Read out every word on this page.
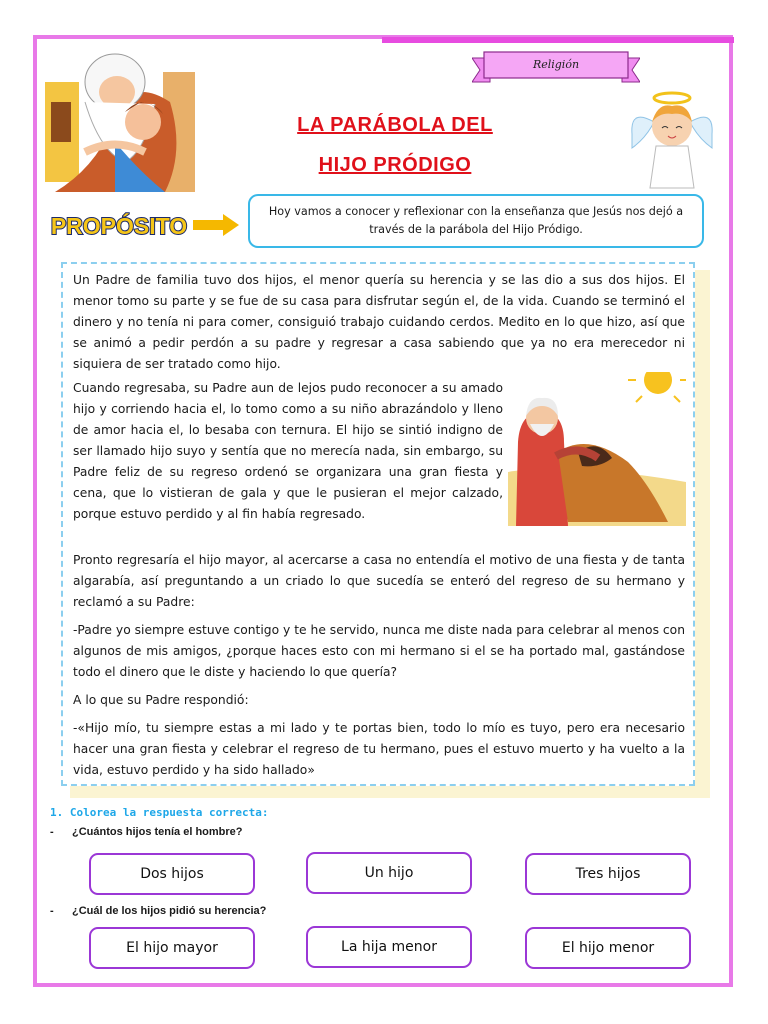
Religión
LA PARÁBOLA DEL
HIJO PRÓDIGO
PROPÓSITO
Hoy vamos a conocer y reflexionar con la enseñanza que Jesús nos dejó a través de la parábola del Hijo Pródigo.

Un Padre de familia tuvo dos hijos, el menor quería su herencia y se las dio a sus dos hijos. El menor tomo su parte y se fue de su casa para disfrutar según el, de la vida. Cuando se terminó el dinero y no tenía ni para comer, consiguió trabajo cuidando cerdos. Medito en lo que hizo, así que se animó a pedir perdón a su padre y regresar a casa sabiendo que ya no era merecedor ni siquiera de ser tratado como hijo.

Cuando regresaba, su Padre aun de lejos pudo reconocer a su amado hijo y corriendo hacia el, lo tomo como a su niño abrazándolo y lleno de amor hacia el, lo besaba con ternura. El hijo se sintió indigno de ser llamado hijo suyo y sentía que no merecía nada, sin embargo, su Padre feliz de su regreso ordenó se organizara una gran fiesta y cena, que lo vistieran de gala y que le pusieran el mejor calzado, porque estuvo perdido y al fin había regresado.

Pronto regresaría el hijo mayor, al acercarse a casa no entendía el motivo de una fiesta y de tanta algarabía, así preguntando a un criado lo que sucedía se enteró del regreso de su hermano y reclamó a su Padre:

-Padre yo siempre estuve contigo y te he servido, nunca me diste nada para celebrar al menos con algunos de mis amigos, ¿porque haces esto con mi hermano si el se ha portado mal, gastándose todo el dinero que le diste y haciendo lo que quería?

A lo que su Padre respondió:

-«Hijo mío, tu siempre estas a mi lado y te portas bien, todo lo mío es tuyo, pero era necesario hacer una gran fiesta y celebrar el regreso de tu hermano, pues el estuvo muerto y ha vuelto a la vida, estuvo perdido y ha sido hallado»

1. Colorea la respuesta correcta:
- ¿Cuántos hijos tenía el hombre?
Dos hijos	Un hijo	Tres hijos
- ¿Cuál de los hijos pidió su herencia?
El hijo mayor	La hija menor	El hijo menor
